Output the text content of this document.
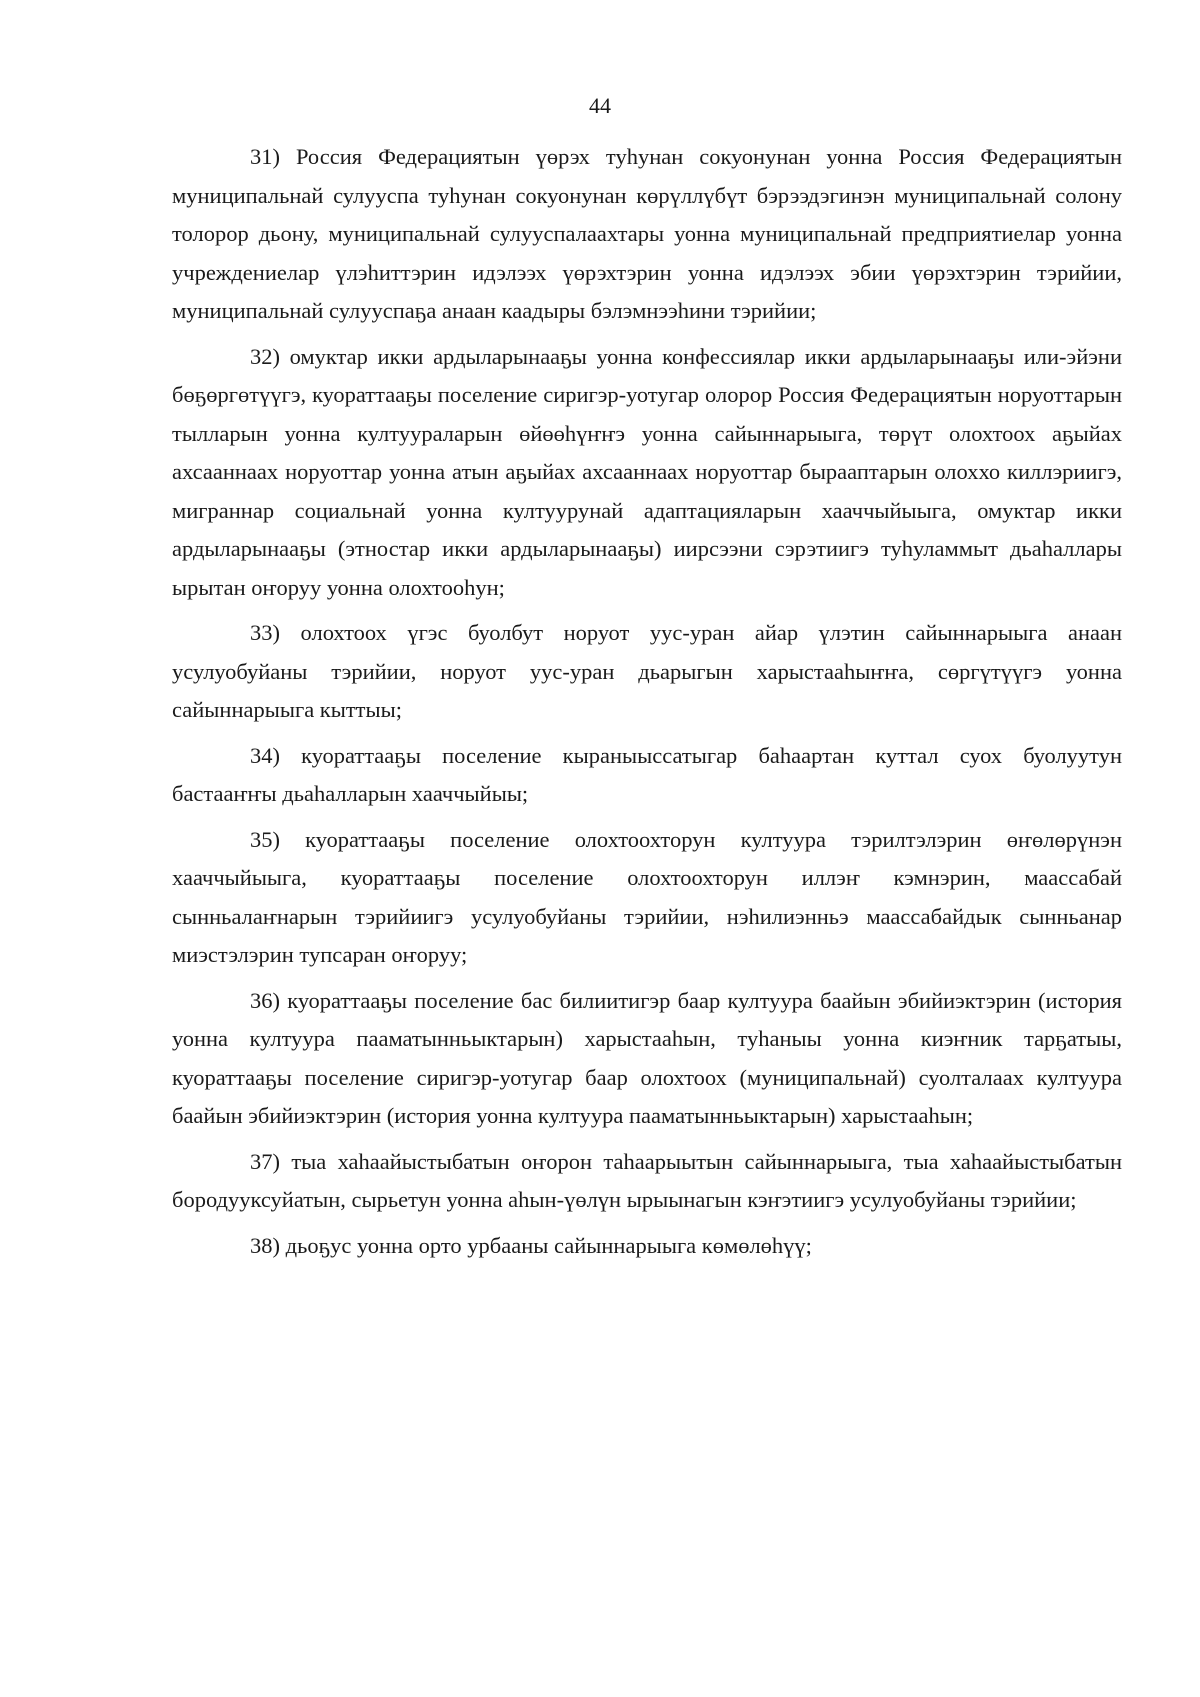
44

31) Россия Федерациятын үөрэх туһунан сокуонунан уонна Россия Федерациятын муниципальнай сулууспа туһунан сокуонунан көрүллүбүт бэрээдэгинэн муниципальнай солону толорор дьону, муниципальнай сулууспалаахтары уонна муниципальнай предприятиелар уонна учреждениелар үлэһиттэрин идэлээх үөрэхтэрин уонна идэлээх эбии үөрэхтэрин тэрийии, муниципальнай сулууспаҕа анаан каадыры бэлэмнээһини тэрийии;

32) омуктар икки ардыларынааҕы уонна конфессиялар икки ардыларынааҕы или-эйэни бөҕөргөтүүгэ, куораттааҕы поселение сиригэр-уотугар олорор Россия Федерациятын норуоттарын тылларын уонна култуураларын өйөөһүҥҥэ уонна сайыннарыыга, төрүт олохтоох аҕыйах ахсааннаах норуоттар уонна атын аҕыйах ахсааннаах норуоттар бырааптарын олоххо киллэриигэ, миграннар социальнай уонна култуурунай адаптацияларын хааччыйыыга, омуктар икки ардыларынааҕы (этностар икки ардыларынааҕы) иирсээни сэрэтиигэ туһуламмыт дьаһаллары ырытан оҥоруу уонна олохтооһун;

33) олохтоох үгэс буолбут норуот уус-уран айар үлэтин сайыннарыыга анаан усулуобуйаны тэрийии, норуот уус-уран дьарыгын харыстааһыҥҥа, сөргүтүүгэ уонна сайыннарыыга кыттыы;

34) куораттааҕы поселение кыраныыссатыгар баһаартан куттал суох буолуутун бастааҥҥы дьаһалларын хааччыйыы;

35) куораттааҕы поселение олохтоохторун култуура тэрилтэлэрин өҥөлөрүнэн хааччыйыыга, куораттааҕы поселение олохтоохторун иллэҥ кэмнэрин, маассабай сынньалаҥнарын тэрийиигэ усулуобуйаны тэрийии, нэһилиэнньэ маассабайдык сынньанар миэстэлэрин тупсаран оҥоруу;

36) куораттааҕы поселение бас билиитигэр баар култуура баайын эбийиэктэрин (история уонна култуура пааматынньыктарын) харыстааһын, туһаныы уонна киэҥник тарҕатыы, куораттааҕы поселение сиригэр-уотугар баар олохтоох (муниципальнай) суолталаах култуура баайын эбийиэктэрин (история уонна култуура пааматынньыктарын) харыстааһын;

37) тыа хаһаайыстыбатын оҥорон таһаарыытын сайыннарыыга, тыа хаһаайыстыбатын бородууксуйатын, сырьетун уонна аһын-үөлүн ырыынагын кэҥэтиигэ усулуобуйаны тэрийии;

38) дьоҕус уонна орто урбааны сайыннарыыга көмөлөһүү;
